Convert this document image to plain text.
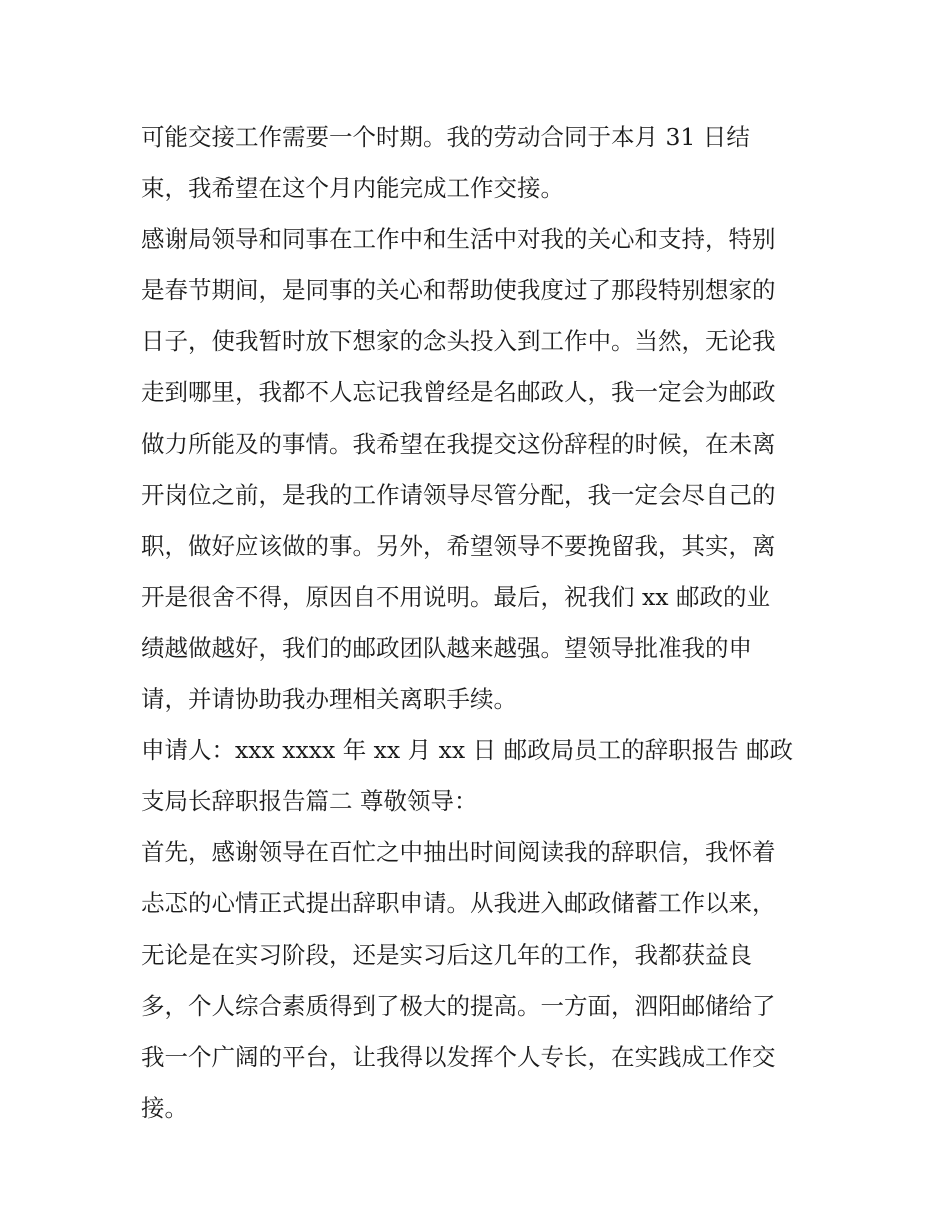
可能交接工作需要一个时期。我的劳动合同于本月 31 日结
束，我希望在这个月内能完成工作交接。
感谢局领导和同事在工作中和生活中对我的关心和支持，特别
是春节期间，是同事的关心和帮助使我度过了那段特别想家的
日子，使我暂时放下想家的念头投入到工作中。当然，无论我
走到哪里，我都不人忘记我曾经是名邮政人，我一定会为邮政
做力所能及的事情。我希望在我提交这份辞程的时候，在未离
开岗位之前，是我的工作请领导尽管分配，我一定会尽自己的
职，做好应该做的事。另外，希望领导不要挽留我，其实，离
开是很舍不得，原因自不用说明。最后，祝我们 xx 邮政的业
绩越做越好，我们的邮政团队越来越强。望领导批准我的申
请，并请协助我办理相关离职手续。
申请人：xxx xxxx 年 xx 月 xx 日 邮政局员工的辞职报告 邮政
支局长辞职报告篇二 尊敬领导：
首先，感谢领导在百忙之中抽出时间阅读我的辞职信，我怀着
忐忑的心情正式提出辞职申请。从我进入邮政储蓄工作以来，
无论是在实习阶段，还是实习后这几年的工作，我都获益良
多，个人综合素质得到了极大的提高。一方面，泗阳邮储给了
我一个广阔的平台，让我得以发挥个人专长，在实践成工作交
接。
